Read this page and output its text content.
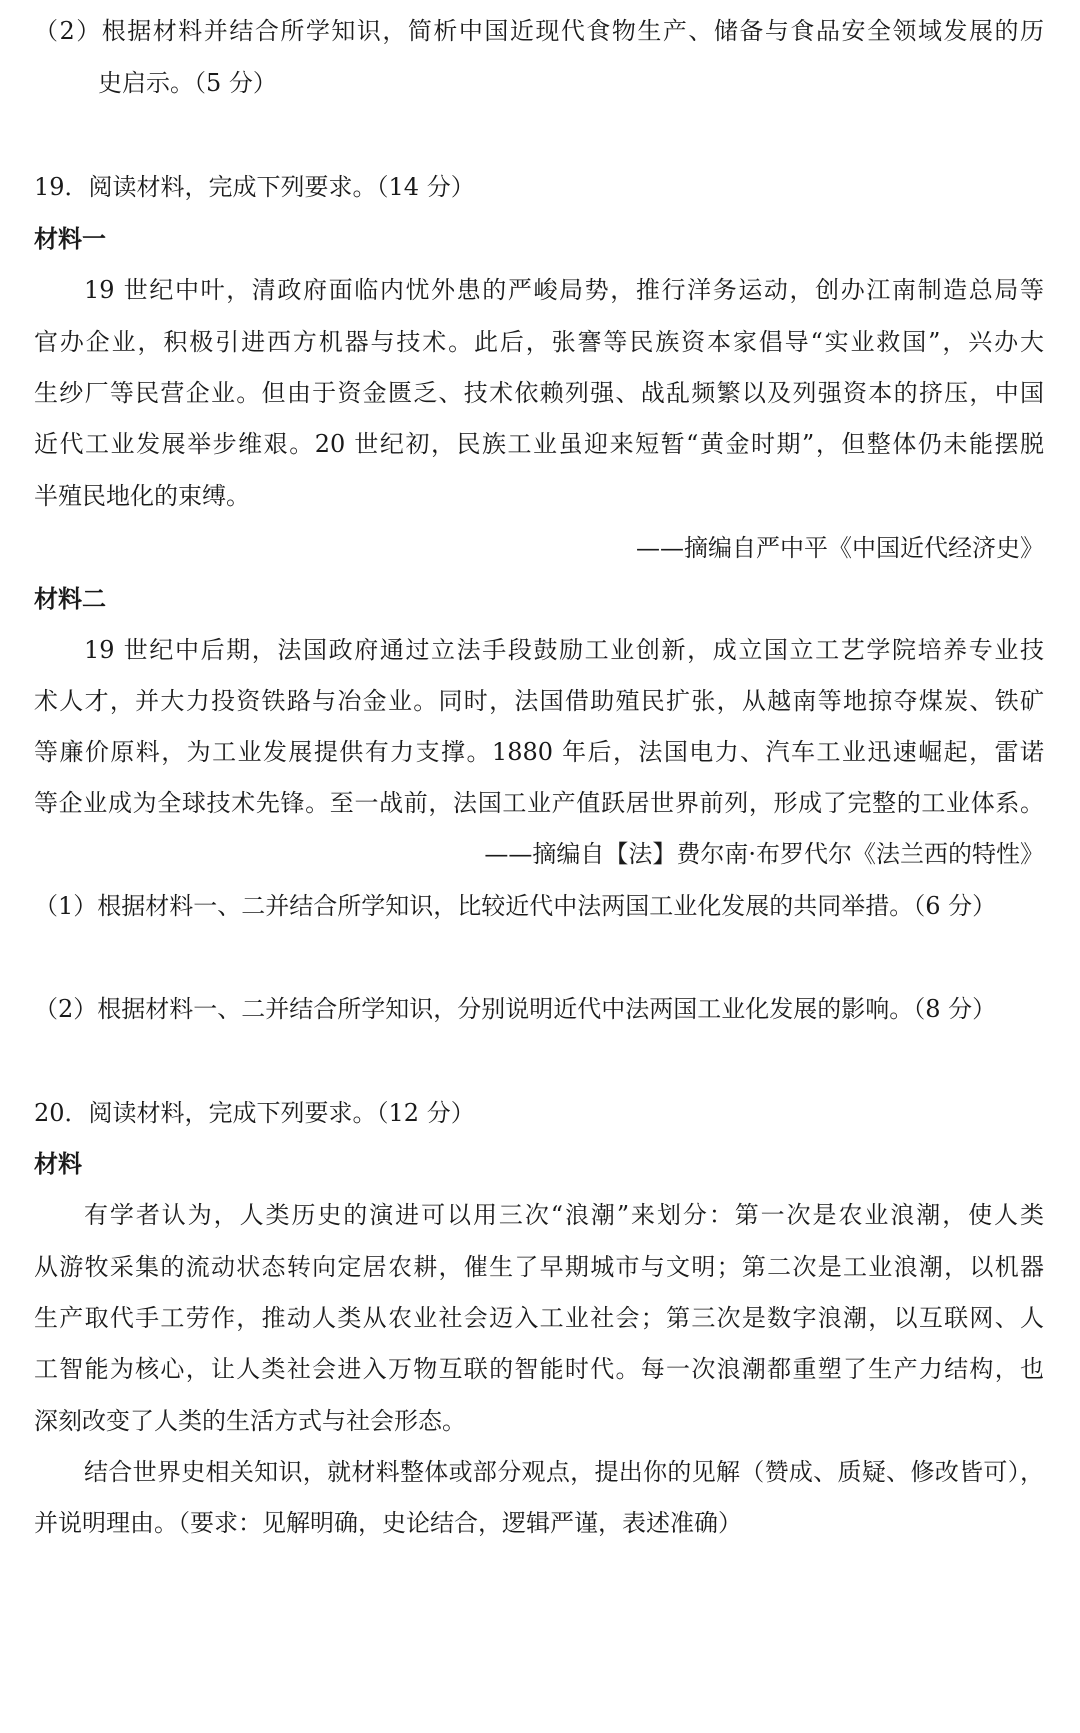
（2）根据材料并结合所学知识，简析中国近现代食物生产、储备与食品安全领域发展的历
史启示。（5 分）
19．阅读材料，完成下列要求。（14 分）
材料一
19 世纪中叶，清政府面临内忧外患的严峻局势，推行洋务运动，创办江南制造总局等
官办企业，积极引进西方机器与技术。此后，张謇等民族资本家倡导“实业救国”，兴办大
生纱厂等民营企业。但由于资金匮乏、技术依赖列强、战乱频繁以及列强资本的挤压，中国
近代工业发展举步维艰。20 世纪初，民族工业虽迎来短暂“黄金时期”，但整体仍未能摆脱
半殖民地化的束缚。
——摘编自严中平《中国近代经济史》
材料二
19 世纪中后期，法国政府通过立法手段鼓励工业创新，成立国立工艺学院培养专业技
术人才，并大力投资铁路与冶金业。同时，法国借助殖民扩张，从越南等地掠夺煤炭、铁矿
等廉价原料，为工业发展提供有力支撑。1880 年后，法国电力、汽车工业迅速崛起，雷诺
等企业成为全球技术先锋。至一战前，法国工业产值跃居世界前列，形成了完整的工业体系。
——摘编自【法】费尔南·布罗代尔《法兰西的特性》
（1）根据材料一、二并结合所学知识，比较近代中法两国工业化发展的共同举措。（6 分）
（2）根据材料一、二并结合所学知识，分别说明近代中法两国工业化发展的影响。（8 分）
20．阅读材料，完成下列要求。（12 分）
材料
有学者认为，人类历史的演进可以用三次“浪潮”来划分：第一次是农业浪潮，使人类
从游牧采集的流动状态转向定居农耕，催生了早期城市与文明；第二次是工业浪潮，以机器
生产取代手工劳作，推动人类从农业社会迈入工业社会；第三次是数字浪潮，以互联网、人
工智能为核心，让人类社会进入万物互联的智能时代。每一次浪潮都重塑了生产力结构，也
深刻改变了人类的生活方式与社会形态。
结合世界史相关知识，就材料整体或部分观点，提出你的见解（赞成、质疑、修改皆可），
并说明理由。（要求：见解明确，史论结合，逻辑严谨，表述准确）
